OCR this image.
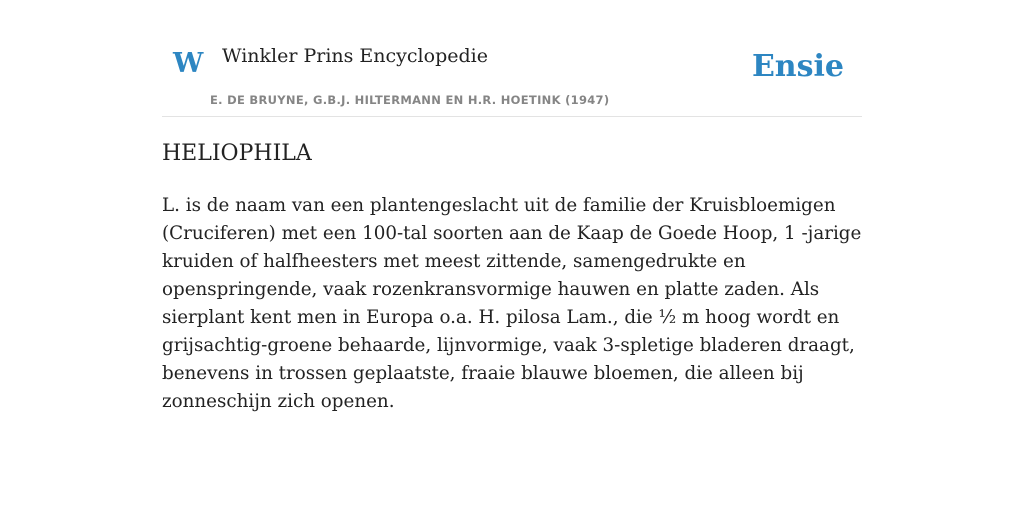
W Winkler Prins Encyclopedie
E. DE BRUYNE, G.B.J. HILTERMANN EN H.R. HOETINK (1947)
Ensie
HELIOPHILA

L. is de naam van een plantengeslacht uit de familie der Kruisbloemigen (Cruciferen) met een 100-tal soorten aan de Kaap de Goede Hoop, 1 -jarige kruiden of halfheesters met meest zittende, samengedrukte en openspringende, vaak rozenkransvormige hauwen en platte zaden. Als sierplant kent men in Europa o.a. H. pilosa Lam., die ½ m hoog wordt en grijsachtig-groene behaarde, lijnvormige, vaak 3-spletige bladeren draagt, benevens in trossen geplaatste, fraaie blauwe bloemen, die alleen bij zonneschijn zich openen.
